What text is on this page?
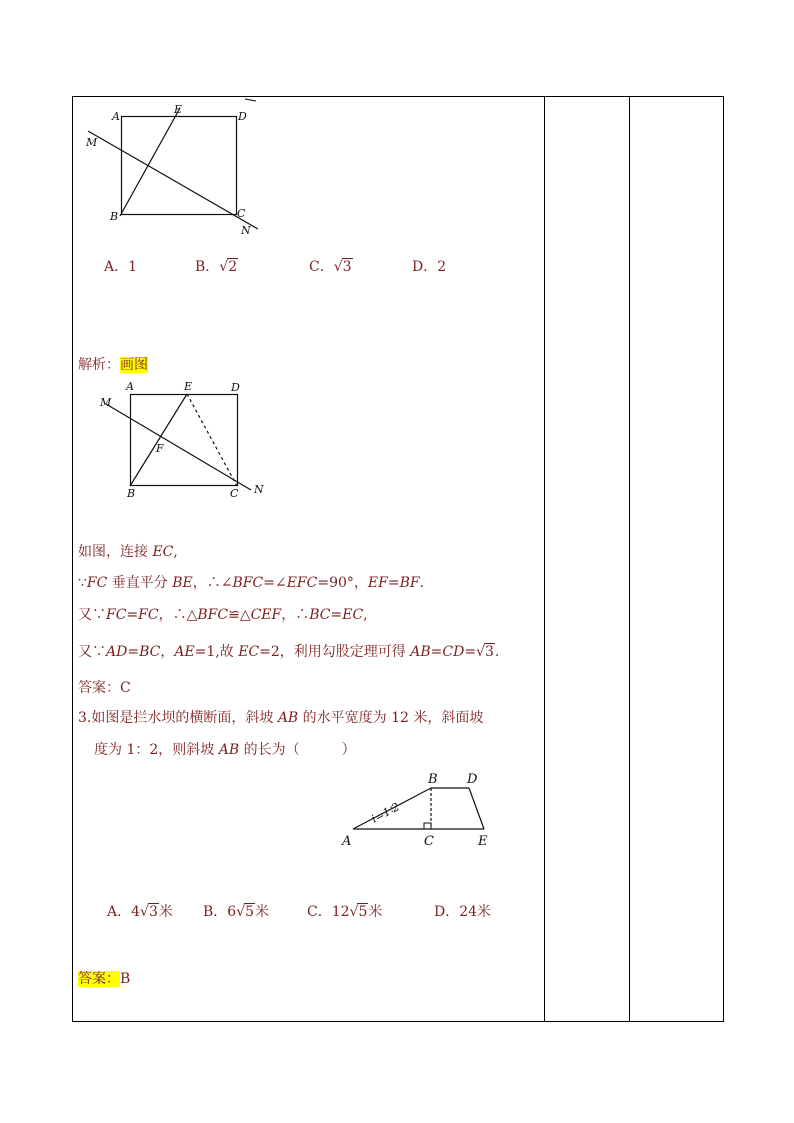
A
E
D
M
B	C
N
A．1	B．√2	C．√3	D．2
解析：画图
A	E	D
M
F
B	C N
如图，连接 EC,
∵FC 垂直平分 BE，∴∠BFC=∠EFC=90°，EF=BF.
又∵FC=FC，∴△BFC≌△CEF，∴BC=EC,
又∵AD=BC，AE=1,故 EC=2，利用勾股定理可得 AB=CD=√3.
答案：C
3.如图是拦水坝的横断面，斜坡 AB 的水平宽度为 12 米，斜面坡
度为 1：2，则斜坡 AB 的长为（　　　）
B D
A	C	E
i=1∶2
A．4√3米 B．6√5米	C．12√5米	D．24米
答案：B
